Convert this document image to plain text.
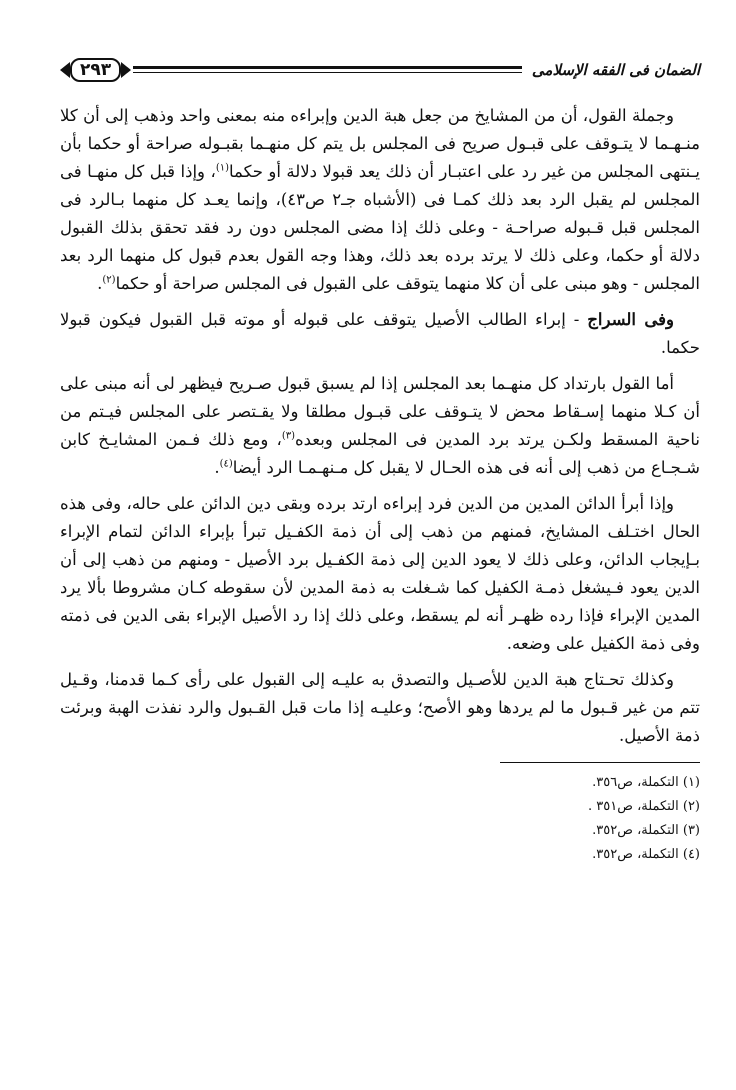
الضمان فى الفقه الإسلامى
٢٩٣

وجملة القول، أن من المشايخ من جعل هبة الدين وإبراءه منه بمعنى واحد وذهب إلى أن كلا منـهـما لا يتـوقف على قبـول صريح فى المجلس بل يتم كل منهـما بقبـوله صراحة أو حكما بأن يـنتهى المجلس من غير رد على اعتبـار أن ذلك يعد قبولا دلالة أو حكما$^{(١)}$، وإذا قبل كل منهـا فى المجلس لم يقبل الرد بعد ذلك كمـا فى (الأشباه جـ٢ ص٤٣)، وإنما يعـد كل منهما بـالرد فى المجلس قبل قـبوله صراحـة - وعلى ذلك إذا مضى المجلس دون رد فقد تحقق بذلك القبول دلالة أو حكما، وعلى ذلك لا يرتد برده بعد ذلك، وهذا وجه القول بعدم قبول كل منهما الرد بعد المجلس - وهو مبنى على أن كلا منهما يتوقف على القبول فى المجلس صراحة أو حكما$^{(٢)}$.

وفى السراج - إبراء الطالب الأصيل يتوقف على قبوله أو موته قبل القبول فيكون قبولا حكما.

أما القول بارتداد كل منهـما بعد المجلس إذا لم يسبق قبول صـريح فيظهر لى أنه مبنى على أن كـلا منهما إسـقاط محض لا يتـوقف على قبـول مطلقا ولا يقـتصر على المجلس فيـتم من ناحية المسقط ولكـن يرتد برد المدين فى المجلس وبعده$^{(٣)}$، ومع ذلك فـمن المشايـخ كابن شـجـاع من ذهب إلى أنه فى هذه الحـال لا يقبل كل مـنهـمـا الرد أيضا$^{(٤)}$.

وإذا أبرأ الدائن المدين من الدين فرد إبراءه ارتد برده وبقى دين الدائن على حاله، وفى هذه الحال اختـلف المشايخ، فمنهم من ذهب إلى أن ذمة الكفـيل تبرأ بإبراء الدائن لتمام الإبراء بـإيجاب الدائن، وعلى ذلك لا يعود الدين إلى ذمة الكفـيل برد الأصيل - ومنهم من ذهب إلى أن الدين يعود فـيشغل ذمـة الكفيل كما شـغلت به ذمة المدين لأن سقوطه كـان مشروطا بألا يرد المدين الإبراء فإذا رده ظهـر أنه لم يسقط، وعلى ذلك إذا رد الأصيل الإبراء بقى الدين فى ذمته وفى ذمة الكفيل على وضعه.

وكذلك تحـتاج هبة الدين للأصـيل والتصدق به عليـه إلى القبول على رأى كـما قدمنا، وقـيل تتم من غير قـبول ما لم يردها وهو الأصح؛ وعليـه إذا مات قبل القـبول والرد نفذت الهبة وبرئت ذمة الأصيل.

(١) التكملة، ص٣٥٦.
(٢) التكملة، ص٣٥١ .
(٣) التكملة، ص٣٥٢.
(٤) التكملة، ص٣٥٢.
